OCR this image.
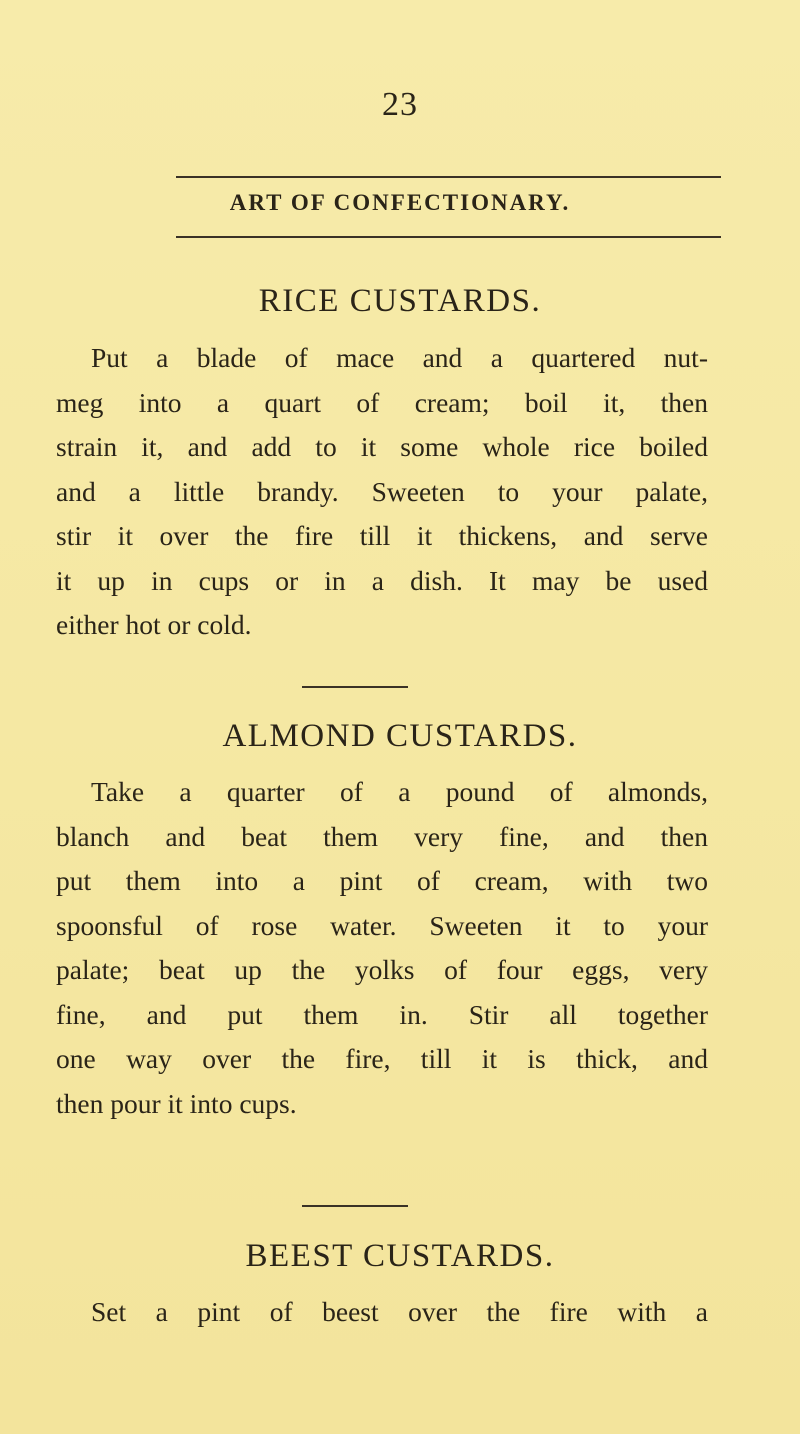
23
ART OF CONFECTIONARY.
RICE CUSTARDS.
Put a blade of mace and a quartered nut-
meg into a quart of cream; boil it, then
strain it, and add to it some whole rice boiled
and a little brandy. Sweeten to your palate,
stir it over the fire till it thickens, and serve
it up in cups or in a dish. It may be used
either hot or cold.
ALMOND CUSTARDS.
Take a quarter of a pound of almonds,
blanch and beat them very fine, and then
put them into a pint of cream, with two
spoonsful of rose water. Sweeten it to your
palate; beat up the yolks of four eggs, very
fine, and put them in. Stir all together
one way over the fire, till it is thick, and
then pour it into cups.
BEEST CUSTARDS.
Set a pint of beest over the fire with a
